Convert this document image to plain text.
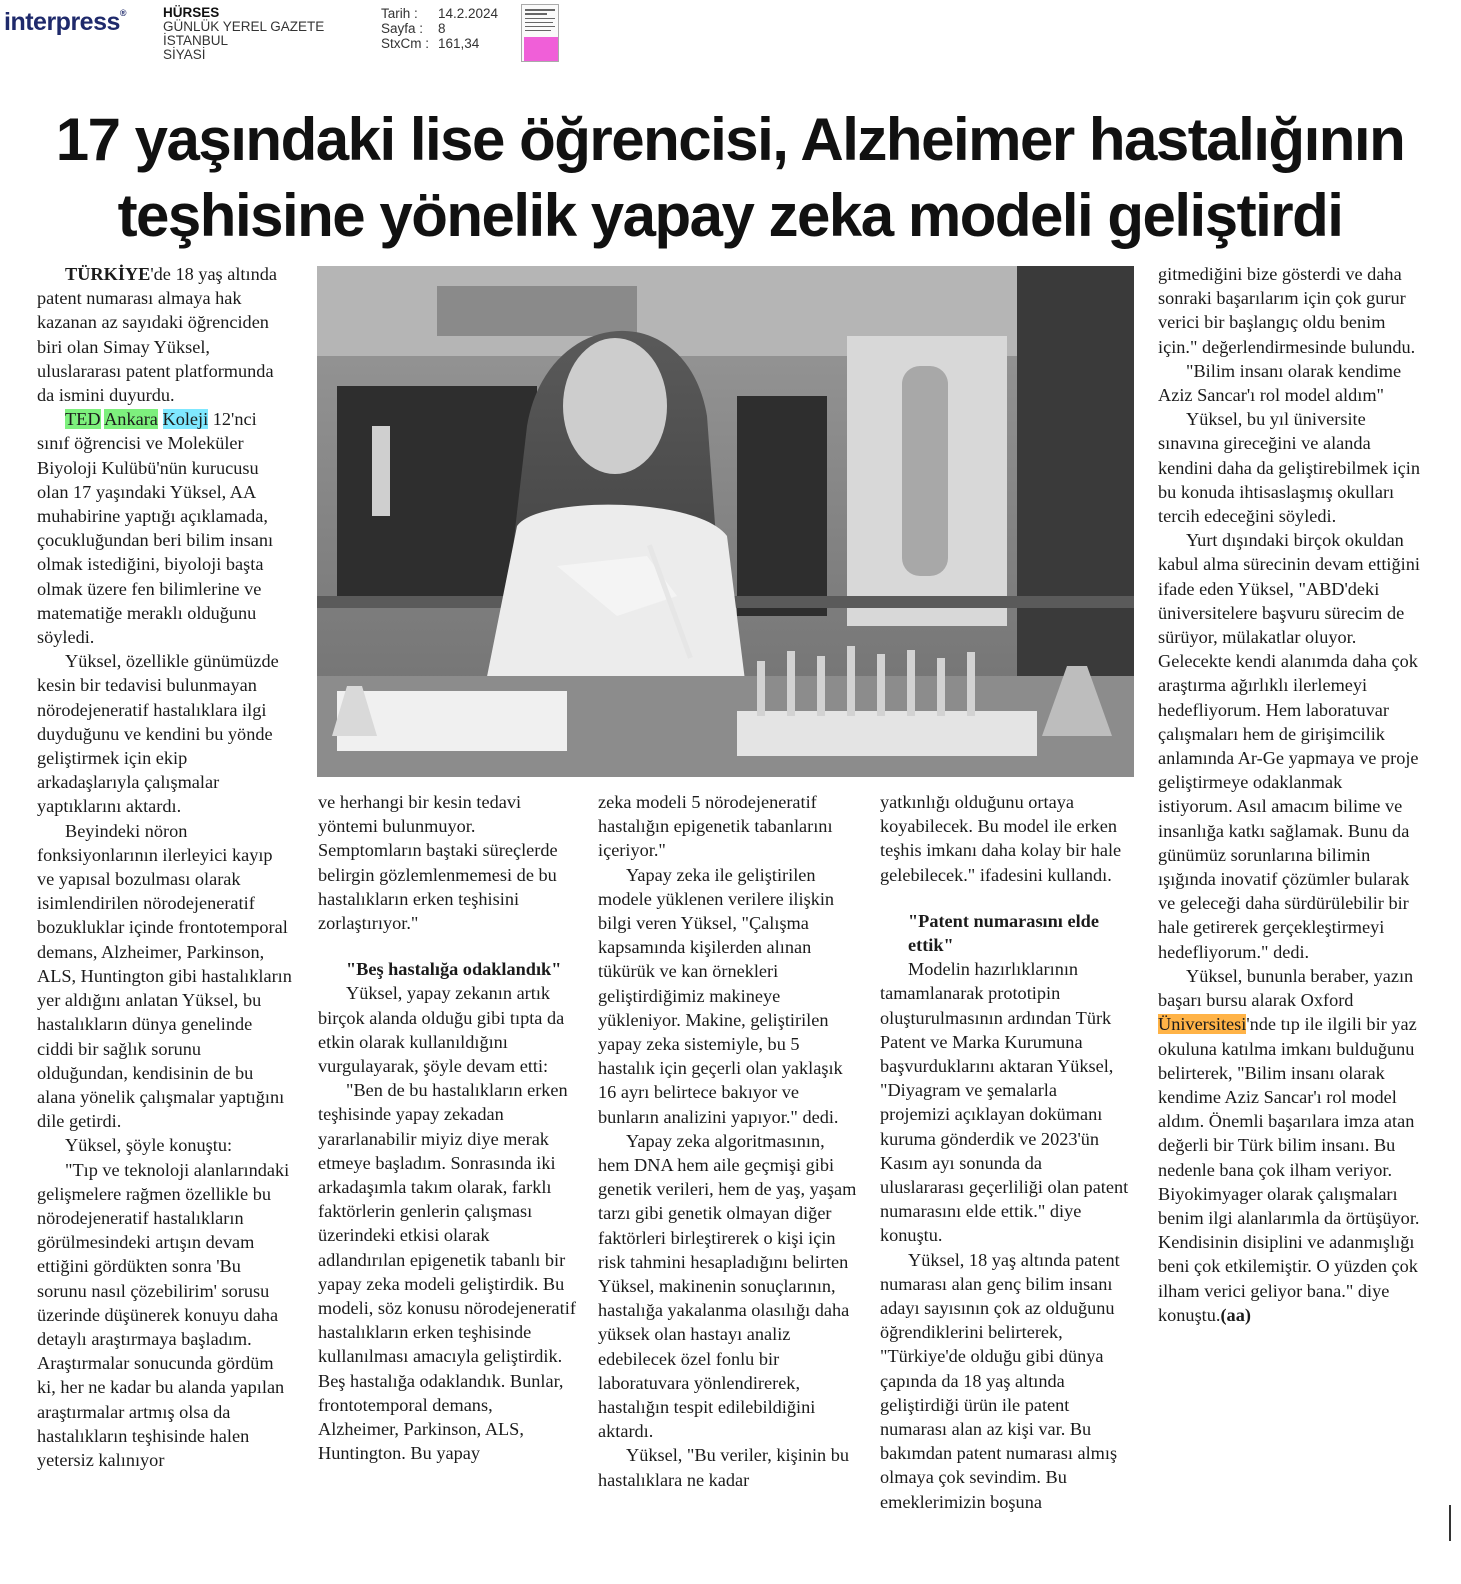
interpress®	HÜRSES
GÜNLÜK YEREL GAZETE
İSTANBUL
SİYASİ
Tarih :	14.2.2024
Sayfa :	8
StxCm : 161,34
17 yaşındaki lise öğrencisi, Alzheimer hastalığının
teşhisine yönelik yapay zeka modeli geliştirdi

TÜRKİYE'de 18 yaş altında patent numarası almaya hak kazanan az sayıdaki öğrenciden biri olan Simay Yüksel, uluslararası patent platformunda da ismini duyurdu.

TED Ankara Koleji 12'nci sınıf öğrencisi ve Moleküler Biyoloji Kulübü'nün kurucusu olan 17 yaşındaki Yüksel, AA muhabirine yaptığı açıklamada, çocukluğundan beri bilim insanı olmak istediğini, biyoloji başta olmak üzere fen bilimlerine ve matematiğe meraklı olduğunu söyledi.

Yüksel, özellikle günümüzde kesin bir tedavisi bulunmayan nörodejeneratif hastalıklara ilgi duyduğunu ve kendini bu yönde geliştirmek için ekip arkadaşlarıyla çalışmalar yaptıklarını aktardı.

Beyindeki nöron fonksiyonlarının ilerleyici kayıp ve yapısal bozulması olarak isimlendirilen nörodejeneratif bozukluklar içinde frontotemporal demans, Alzheimer, Parkinson, ALS, Huntington gibi hastalıkların yer aldığını anlatan Yüksel, bu hastalıkların dünya genelinde ciddi bir sağlık sorunu olduğundan, kendisinin de bu alana yönelik çalışmalar yaptığını dile getirdi.

Yüksel, şöyle konuştu:

"Tıp ve teknoloji alanlarındaki gelişmelere rağmen özellikle bu nörodejeneratif hastalıkların görülmesindeki artışın devam ettiğini gördükten sonra 'Bu sorunu nasıl çözebilirim' sorusu üzerinde düşünerek konuyu daha detaylı araştırmaya başladım. Araştırmalar sonucunda gördüm ki, her ne kadar bu alanda yapılan araştırmalar artmış olsa da hastalıkların teşhisinde halen yetersiz kalınıyor

ve herhangi bir kesin tedavi yöntemi bulunmuyor. Semptomların baştaki süreçlerde belirgin gözlemlenmemesi de bu hastalıkların erken teşhisini zorlaştırıyor."

"Beş hastalığa odaklandık"

Yüksel, yapay zekanın artık birçok alanda olduğu gibi tıpta da etkin olarak kullanıldığını vurgulayarak, şöyle devam etti:

"Ben de bu hastalıkların erken teşhisinde yapay zekadan yararlanabilir miyiz diye merak etmeye başladım. Sonrasında iki arkadaşımla takım olarak, farklı faktörlerin genlerin çalışması üzerindeki etkisi olarak adlandırılan epigenetik tabanlı bir yapay zeka modeli geliştirdik. Bu modeli, söz konusu nörodejeneratif hastalıkların erken teşhisinde kullanılması amacıyla geliştirdik. Beş hastalığa odaklandık. Bunlar, frontotemporal demans, Alzheimer, Parkinson, ALS, Huntington. Bu yapay

zeka modeli 5 nörodejeneratif hastalığın epigenetik tabanlarını içeriyor."

Yapay zeka ile geliştirilen modele yüklenen verilere ilişkin bilgi veren Yüksel, "Çalışma kapsamında kişilerden alınan tükürük ve kan örnekleri geliştirdiğimiz makineye yükleniyor. Makine, geliştirilen yapay zeka sistemiyle, bu 5 hastalık için geçerli olan yaklaşık 16 ayrı belirtece bakıyor ve bunların analizini yapıyor." dedi.

Yapay zeka algoritmasının, hem DNA hem aile geçmişi gibi genetik verileri, hem de yaş, yaşam tarzı gibi genetik olmayan diğer faktörleri birleştirerek o kişi için risk tahmini hesapladığını belirten Yüksel, makinenin sonuçlarının, hastalığa yakalanma olasılığı daha yüksek olan hastayı analiz edebilecek özel fonlu bir laboratuvara yönlendirerek, hastalığın tespit edilebildiğini aktardı.

Yüksel, "Bu veriler, kişinin bu hastalıklara ne kadar

yatkınlığı olduğunu ortaya koyabilecek. Bu model ile erken teşhis imkanı daha kolay bir hale gelebilecek." ifadesini kullandı.

"Patent numarasını elde ettik"

Modelin hazırlıklarının tamamlanarak prototipin oluşturulmasının ardından Türk Patent ve Marka Kurumuna başvurduklarını aktaran Yüksel, "Diyagram ve şemalarla projemizi açıklayan dokümanı kuruma gönderdik ve 2023'ün Kasım ayı sonunda da uluslararası geçerliliği olan patent numarasını elde ettik." diye konuştu.

Yüksel, 18 yaş altında patent numarası alan genç bilim insanı adayı sayısının çok az olduğunu öğrendiklerini belirterek, "Türkiye'de olduğu gibi dünya çapında da 18 yaş altında geliştirdiği ürün ile patent numarası alan az kişi var. Bu bakımdan patent numarası almış olmaya çok sevindim. Bu emeklerimizin boşuna

gitmediğini bize gösterdi ve daha sonraki başarılarım için çok gurur verici bir başlangıç oldu benim için." değerlendirmesinde bulundu.

"Bilim insanı olarak kendime Aziz Sancar'ı rol model aldım"

Yüksel, bu yıl üniversite sınavına gireceğini ve alanda kendini daha da geliştirebilmek için bu konuda ihtisaslaşmış okulları tercih edeceğini söyledi.

Yurt dışındaki birçok okuldan kabul alma sürecinin devam ettiğini ifade eden Yüksel, "ABD'deki üniversitelere başvuru sürecim de sürüyor, mülakatlar oluyor. Gelecekte kendi alanımda daha çok araştırma ağırlıklı ilerlemeyi hedefliyorum. Hem laboratuvar çalışmaları hem de girişimcilik anlamında Ar-Ge yapmaya ve proje geliştirmeye odaklanmak istiyorum. Asıl amacım bilime ve insanlığa katkı sağlamak. Bunu da günümüz sorunlarına bilimin ışığında inovatif çözümler bularak ve geleceği daha sürdürülebilir bir hale getirerek gerçekleştirmeyi hedefliyorum." dedi.

Yüksel, bununla beraber, yazın başarı bursu alarak Oxford Üniversitesi'nde tıp ile ilgili bir yaz okuluna katılma imkanı bulduğunu belirterek, "Bilim insanı olarak kendime Aziz Sancar'ı rol model aldım. Önemli başarılara imza atan değerli bir Türk bilim insanı. Bu nedenle bana çok ilham veriyor. Biyokimyager olarak çalışmaları benim ilgi alanlarımla da örtüşüyor. Kendisinin disiplini ve adanmışlığı beni çok etkilemiştir. O yüzden çok ilham verici geliyor bana." diye konuştu.(aa)
